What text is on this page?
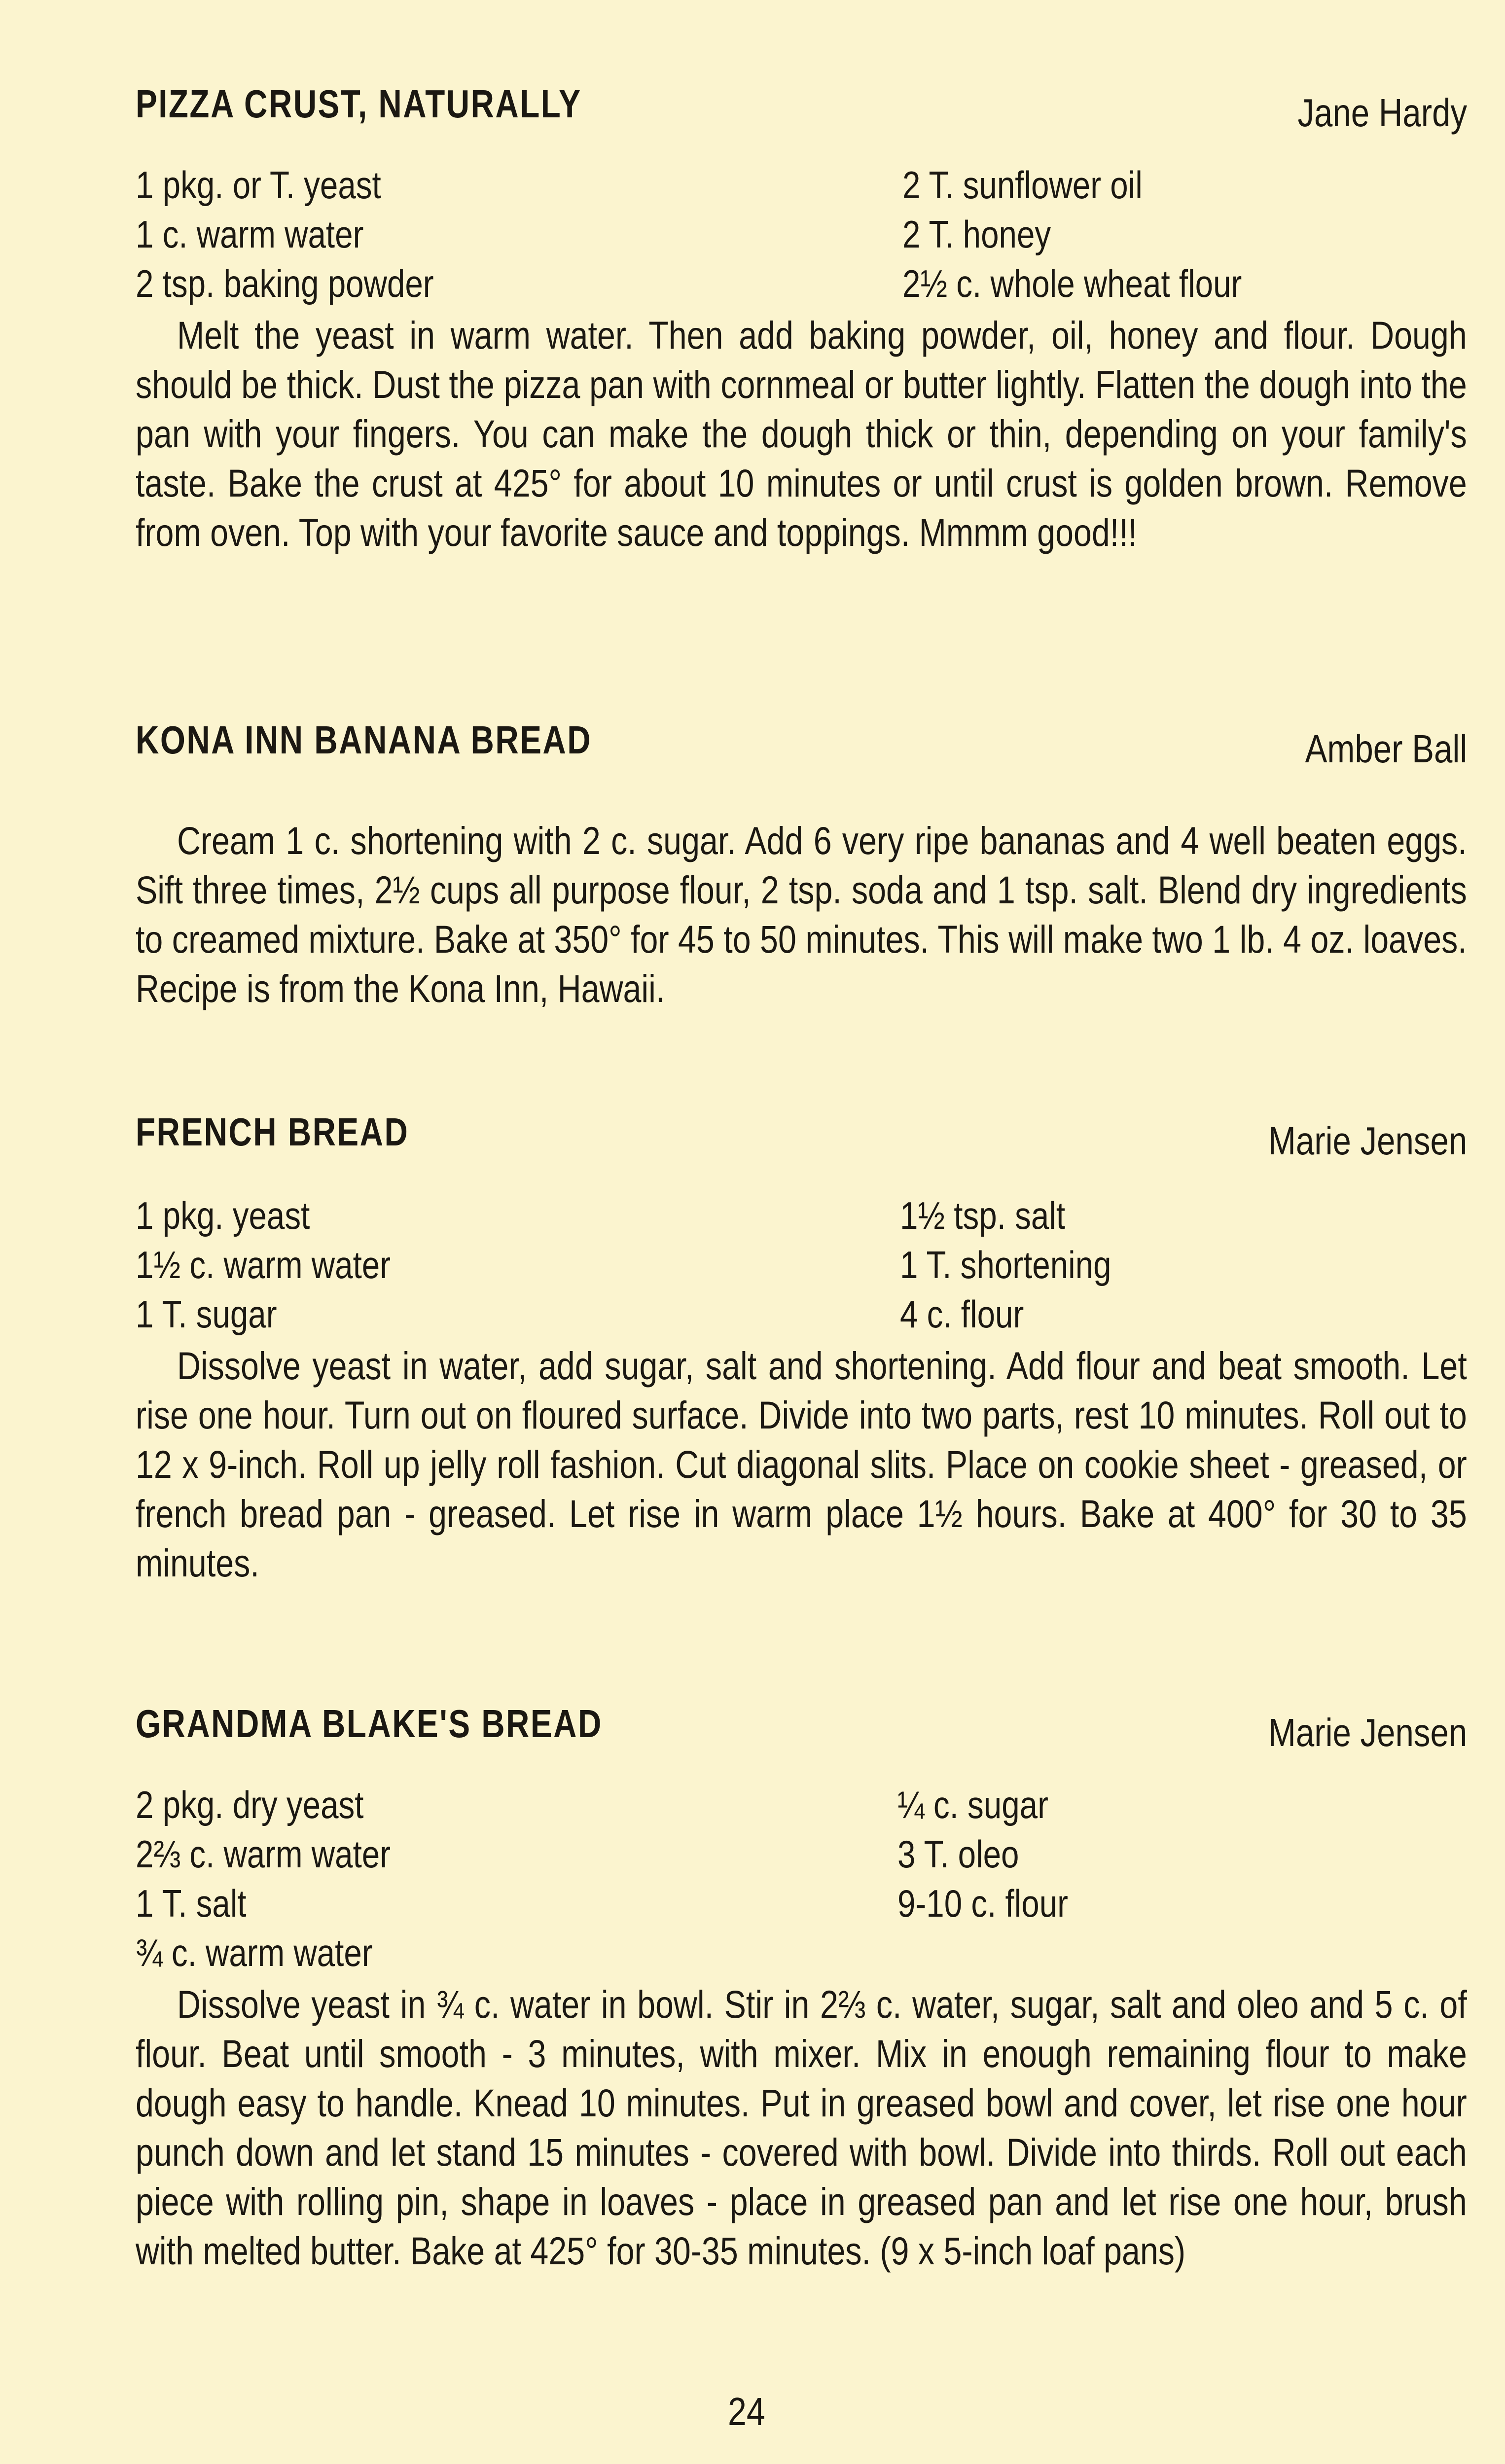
PIZZA CRUST, NATURALLY	Jane Hardy
1 pkg. or T. yeast	2 T. sunflower oil
1 c. warm water	2 T. honey
2 tsp. baking powder	2½ c. whole wheat flour

Melt the yeast in warm water. Then add baking powder, oil, honey and flour. Dough should be thick. Dust the pizza pan with cornmeal or butter lightly. Flatten the dough into the pan with your fingers. You can make the dough thick or thin, depending on your family's taste. Bake the crust at 425° for about 10 minutes or until crust is golden brown. Remove from oven. Top with your favorite sauce and toppings. Mmmm good!!!

KONA INN BANANA BREAD	Amber Ball

Cream 1 c. shortening with 2 c. sugar. Add 6 very ripe bananas and 4 well beaten eggs. Sift three times, 2½ cups all purpose flour, 2 tsp. soda and 1 tsp. salt. Blend dry ingredients to creamed mixture. Bake at 350° for 45 to 50 minutes. This will make two 1 lb. 4 oz. loaves. Recipe is from the Kona Inn, Hawaii.

FRENCH BREAD	Marie Jensen
1 pkg. yeast	1½ tsp. salt
1½ c. warm water	1 T. shortening
1 T. sugar	4 c. flour

Dissolve yeast in water, add sugar, salt and shortening. Add flour and beat smooth. Let rise one hour. Turn out on floured surface. Divide into two parts, rest 10 minutes. Roll out to 12 x 9-inch. Roll up jelly roll fashion. Cut diagonal slits. Place on cookie sheet - greased, or french bread pan - greased. Let rise in warm place 1½ hours. Bake at 400° for 30 to 35 minutes.

GRANDMA BLAKE'S BREAD	Marie Jensen
2 pkg. dry yeast	¼ c. sugar
2⅔ c. warm water	3 T. oleo
1 T. salt	9-10 c. flour
¾ c. warm water

Dissolve yeast in ¾ c. water in bowl. Stir in 2⅔ c. water, sugar, salt and oleo and 5 c. of flour. Beat until smooth - 3 minutes, with mixer. Mix in enough remaining flour to make dough easy to handle. Knead 10 minutes. Put in greased bowl and cover, let rise one hour punch down and let stand 15 minutes - covered with bowl. Divide into thirds. Roll out each piece with rolling pin, shape in loaves - place in greased pan and let rise one hour, brush with melted butter. Bake at 425° for 30-35 minutes. (9 x 5-inch loaf pans)

24
